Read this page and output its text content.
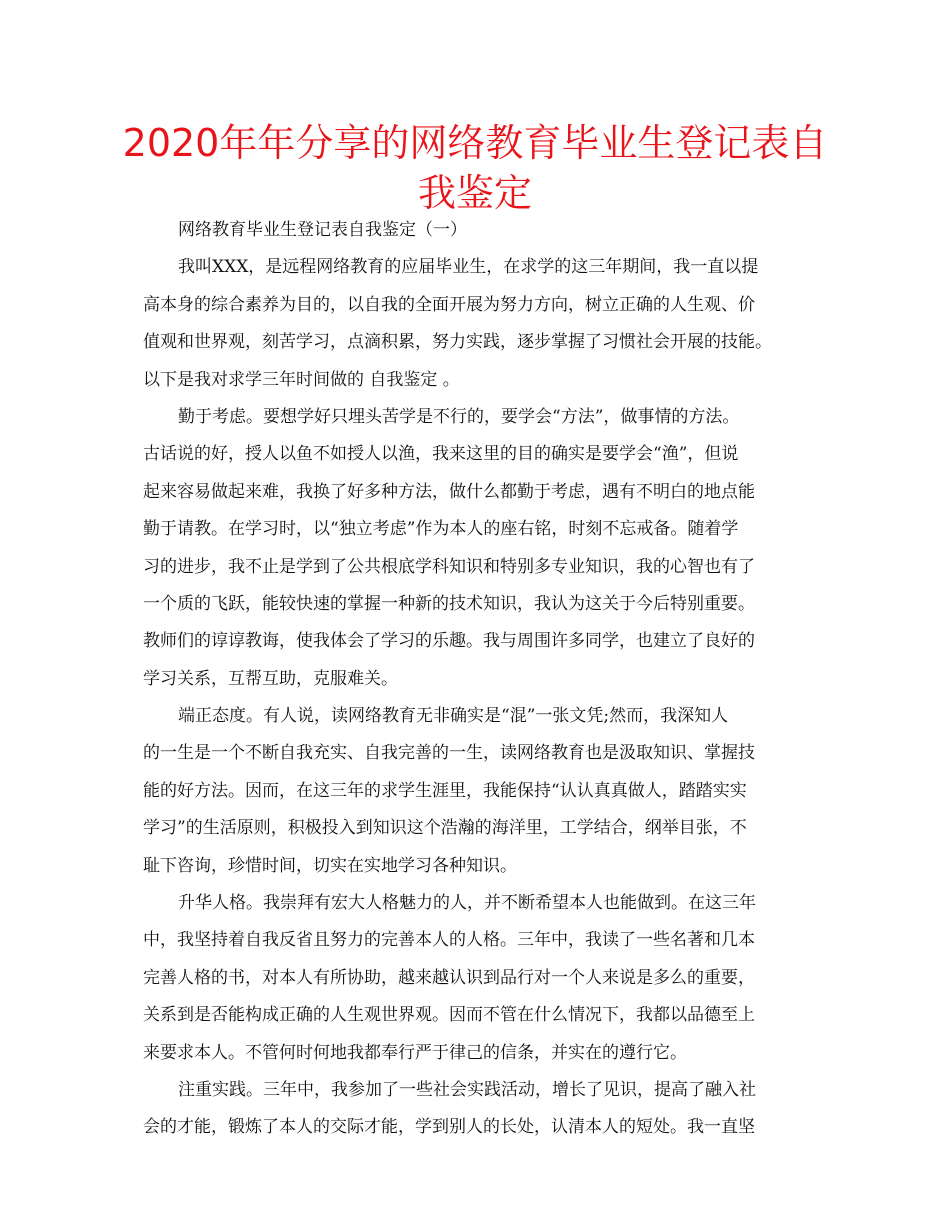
2020年年分享的网络教育毕业生登记表自
我鉴定
网络教育毕业生登记表自我鉴定（一）
我叫XXX，是远程网络教育的应届毕业生，在求学的这三年期间，我一直以提
高本身的综合素养为目的，以自我的全面开展为努力方向，树立正确的人生观、价
值观和世界观，刻苦学习，点滴积累，努力实践，逐步掌握了习惯社会开展的技能。
以下是我对求学三年时间做的 自我鉴定 。
勤于考虑。要想学好只埋头苦学是不行的，要学会“方法”，做事情的方法。
古话说的好，授人以鱼不如授人以渔，我来这里的目的确实是要学会“渔”，但说
起来容易做起来难，我换了好多种方法，做什么都勤于考虑，遇有不明白的地点能
勤于请教。在学习时，以“独立考虑”作为本人的座右铭，时刻不忘戒备。随着学
习的进步，我不止是学到了公共根底学科知识和特别多专业知识，我的心智也有了
一个质的飞跃，能较快速的掌握一种新的技术知识，我认为这关于今后特别重要。
教师们的谆谆教诲，使我体会了学习的乐趣。我与周围许多同学，也建立了良好的
学习关系，互帮互助，克服难关。
端正态度。有人说，读网络教育无非确实是“混”一张文凭;然而，我深知人
的一生是一个不断自我充实、自我完善的一生，读网络教育也是汲取知识、掌握技
能的好方法。因而，在这三年的求学生涯里，我能保持“认认真真做人，踏踏实实
学习”的生活原则，积极投入到知识这个浩瀚的海洋里，工学结合，纲举目张，不
耻下咨询，珍惜时间，切实在实地学习各种知识。
升华人格。我崇拜有宏大人格魅力的人，并不断希望本人也能做到。在这三年
中，我坚持着自我反省且努力的完善本人的人格。三年中，我读了一些名著和几本
完善人格的书，对本人有所协助，越来越认识到品行对一个人来说是多么的重要，
关系到是否能构成正确的人生观世界观。因而不管在什么情况下，我都以品德至上
来要求本人。不管何时何地我都奉行严于律己的信条，并实在的遵行它。
注重实践。三年中，我参加了一些社会实践活动，增长了见识，提高了融入社
会的才能，锻炼了本人的交际才能，学到别人的长处，认清本人的短处。我一直坚
